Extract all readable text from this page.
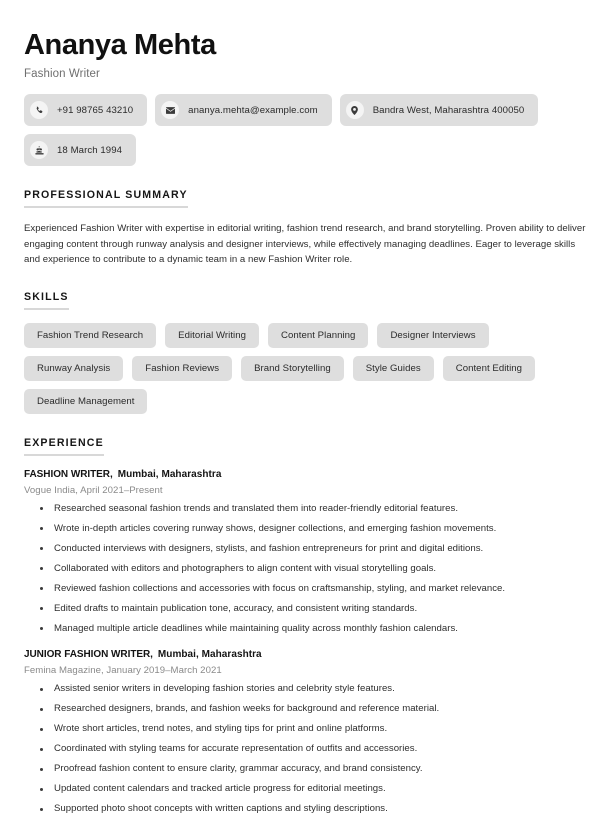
Ananya Mehta
Fashion Writer
+91 98765 43210	ananya.mehta@example.com	Bandra West, Maharashtra 400050
18 March 1994
PROFESSIONAL SUMMARY

Experienced Fashion Writer with expertise in editorial writing, fashion trend research, and brand storytelling. Proven ability to deliver engaging content through runway analysis and designer interviews, while effectively managing deadlines. Eager to leverage skills and experience to contribute to a dynamic team in a new Fashion Writer role.

SKILLS
Fashion Trend Research	Editorial Writing	Content Planning	Designer Interviews
Runway Analysis	Fashion Reviews	Brand Storytelling	Style Guides	Content Editing
Deadline Management
EXPERIENCE
FASHION WRITER, Mumbai, Maharashtra
Vogue India, April 2021–Present
Researched seasonal fashion trends and translated them into reader-friendly editorial features.
Wrote in-depth articles covering runway shows, designer collections, and emerging fashion movements.
Conducted interviews with designers, stylists, and fashion entrepreneurs for print and digital editions.
Collaborated with editors and photographers to align content with visual storytelling goals.
Reviewed fashion collections and accessories with focus on craftsmanship, styling, and market relevance.
Edited drafts to maintain publication tone, accuracy, and consistent writing standards.
Managed multiple article deadlines while maintaining quality across monthly fashion calendars.
JUNIOR FASHION WRITER, Mumbai, Maharashtra
Femina Magazine, January 2019–March 2021
Assisted senior writers in developing fashion stories and celebrity style features.
Researched designers, brands, and fashion weeks for background and reference material.
Wrote short articles, trend notes, and styling tips for print and online platforms.
Coordinated with styling teams for accurate representation of outfits and accessories.
Proofread fashion content to ensure clarity, grammar accuracy, and brand consistency.
Updated content calendars and tracked article progress for editorial meetings.
Supported photo shoot concepts with written captions and styling descriptions.
